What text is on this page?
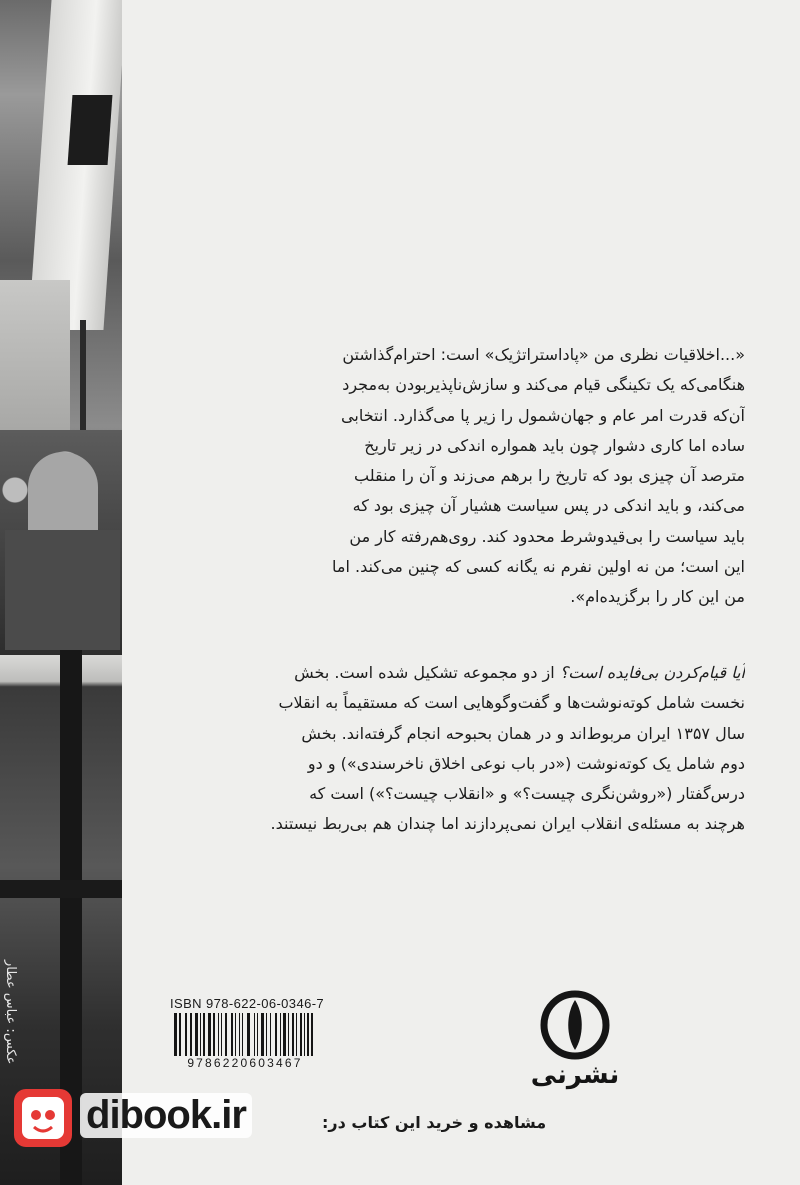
عکس: عباس عطار
«...اخلاقیات نظری من «پاداستراتژیک» است: احترام‌گذاشتن
هنگامی‌که یک تکینگی قیام می‌کند و سازش‌ناپذیربودن به‌مجرد
آن‌که قدرت امر عام و جهان‌شمول را زیر پا می‌گذارد. انتخابی
ساده اما کاری دشوار چون باید همواره اندکی در زیر تاریخ
مترصد آن چیزی بود که تاریخ را برهم می‌زند و آن را منقلب
می‌کند، و باید اندکی در پس سیاست هشیار آن چیزی بود که
باید سیاست را بی‌قیدوشرط محدود کند. روی‌هم‌رفته کار من
این است؛ من نه اولین نفرم نه یگانه کسی که چنین می‌کند. اما
من این کار را برگزیده‌ام».
آیا قیام‌کردن بی‌فایده است؟ از دو مجموعه تشکیل شده است. بخش
نخست شامل کوته‌نوشت‌ها و گفت‌وگوهایی است که مستقیماً به انقلاب
سال ۱۳۵۷ ایران مربوط‌اند و در همان بحبوحه انجام گرفته‌اند. بخش
دوم شامل یک کوته‌نوشت («در باب نوعی اخلاق ناخرسندی») و دو
درس‌گفتار («روشن‌نگری چیست؟» و «انقلاب چیست؟») است که
هرچند به مسئله‌ی انقلاب ایران نمی‌پردازند اما چندان هم بی‌ربط نیستند.
ISBN 978-622-06-0346-7
9786220603467	نشرنی
dibook.ir	مشاهده و خرید این کتاب در:
